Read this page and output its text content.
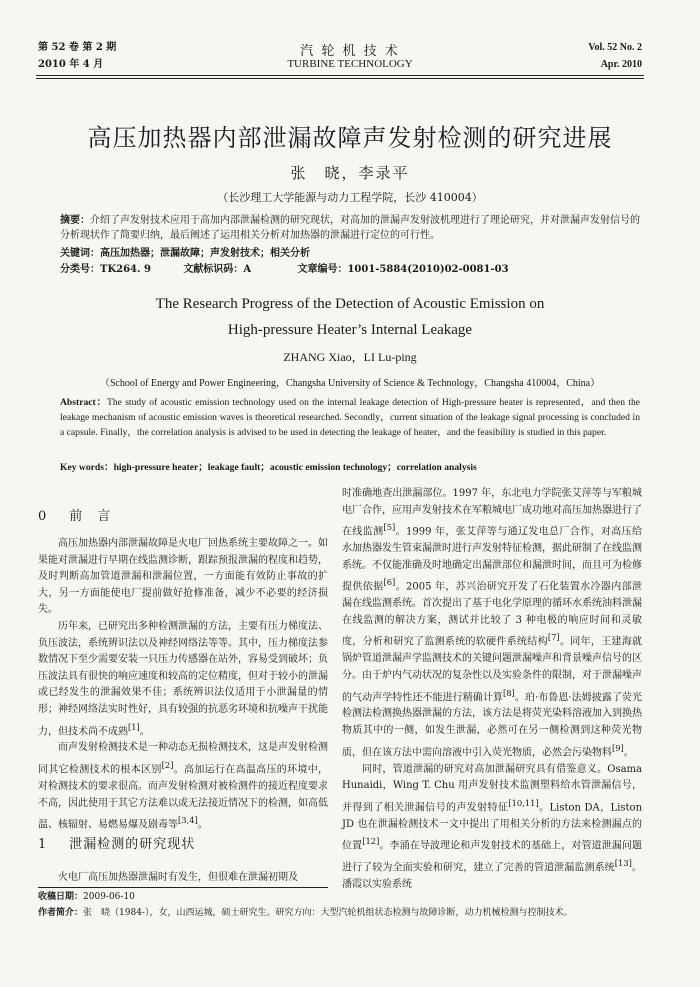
第 52 卷 第 2 期
2010 年 4 月
汽 轮 机 技 术
TURBINE TECHNOLOGY
Vol. 52 No. 2
Apr. 2010
高压加热器内部泄漏故障声发射检测的研究进展
张　晓，李录平
（长沙理工大学能源与动力工程学院，长沙 410004）
摘要：介绍了声发射技术应用于高加内部泄漏检测的研究现状，对高加的泄漏声发射波机理进行了理论研究，并对泄漏声发射信号的分析现状作了简要归纳，最后阐述了运用相关分析对加热器的泄漏进行定位的可行性。
关键词：高压加热器；泄漏故障；声发射技术；相关分析
分类号：TK264. 9	文献标识码：A	文章编号：1001-5884(2010)02-0081-03
The Research Progress of the Detection of Acoustic Emission on
High-pressure Heater’s Internal Leakage
ZHANG Xiao，LI Lu-ping
（School of Energy and Power Engineering，Changsha University of Science & Technology，Changsha 410004，China）
Abstract：The study of acoustic emission technology used on the internal leakage detection of High-pressure heater is represented，and then the leakage mechanism of acoustic emission waves is theoretical researched. Secondly，current situation of the leakage signal processing is concluded in a capsule. Finally，the correlation analysis is advised to be used in detecting the leakage of heater，and the feasibility is studied in this paper.
Key words：high-pressure heater；leakage fault；acoustic emission technology；correlation analysis
0 前　言

高压加热器内部泄漏故障是火电厂回热系统主要故障之一。如果能对泄漏进行早期在线监测诊断，跟踪预报泄漏的程度和趋势，及时判断高加管道泄漏和泄漏位置，一方面能有效防止事故的扩大，另一方面能使电厂提前做好抢修准备，减少不必要的经济损失。

历年来，已研究出多种检测泄漏的方法，主要有压力梯度法、负压波法，系统辨识法以及神经网络法等等。其中，压力梯度法参数情况下至少需要安装一只压力传感器在站外，容易受到破坏；负压波法具有很快的响应速度和较高的定位精度，但对于较小的泄漏或已经发生的泄漏效果不佳；系统辨识法仪适用于小泄漏量的情形；神经网络法实时性好，具有较强的抗恶劣环境和抗噪声干扰能力，但技术尚不成熟[1]。

而声发射检测技术是一种动态无损检测技术，这是声发射检测同其它检测技术的根本区别[2]。高加运行在高温高压的环境中，对检测技术的要求很高。而声发射检测对被检测件的接近程度要求不高，因此使用于其它方法难以或无法接近情况下的检测，如高低温、核辐射、易燃易爆及剧毒等[3,4]。

1 泄漏检测的研究现状

火电厂高压加热器泄漏时有发生，但很难在泄漏初期及

时准确地查出泄漏部位。1997 年，东北电力学院张艾萍等与军粮城电厂合作，应用声发射技术在军粮城电厂成功地对高压加热器进行了在线监测[5]。1999 年，张艾萍等与通辽发电总厂合作，对高压给水加热器发生管束漏泄时进行声发射特征检测，据此研制了在线监测系统。不仅能准确及时地确定出漏泄部位和漏泄时间，而且可为检修提供依据[6]。2005 年，苏兴治研究开发了石化装置水冷器内部泄漏在线监测系统。首次提出了基于电化学原理的循环水系统油料泄漏在线监测的解决方案，测试并比较了 3 种电极的响应时间和灵敏度，分析和研究了监测系统的软硬件系统结构[7]。同年，王建海就锅炉管道泄漏声学监测技术的关键问题泄漏噪声和背景噪声信号的区分。由于炉内气动状况的复杂性以及实验条件的限制，对于泄漏噪声的气动声学特性还不能进行精确计算[8]。珀·布鲁恩·法姆披露了荧光检测法检测换热器泄漏的方法，该方法是将荧光染料溶液加入到换热物质其中的一侧，如发生泄漏，必然可在另一侧检测到这种荧光物质，但在该方法中需向溶液中引入荧光物质，必然会污染物料[9]。

同时，管道泄漏的研究对高加泄漏研究具有借鉴意义。Osama Hunaidi，Wing T. Chu 用声发射技术监测塑料给水管泄漏信号，并得到了相关泄漏信号的声发射特征[10,11]。Liston DA，Liston JD 也在泄漏检测技术一文中提出了用相关分析的方法来检测漏点的位置[12]。李涌在导波理论和声发射技术的基础上，对管道泄漏问题进行了较为全面实验和研究，建立了完善的管道泄漏监测系统[13]。潘霞以实验系统

收稿日期：2009-06-10
作者简介：张　晓（1984-），女，山西运城，硕士研究生。研究方向：大型汽轮机组状态检测与故障诊断，动力机械检测与控制技术。
